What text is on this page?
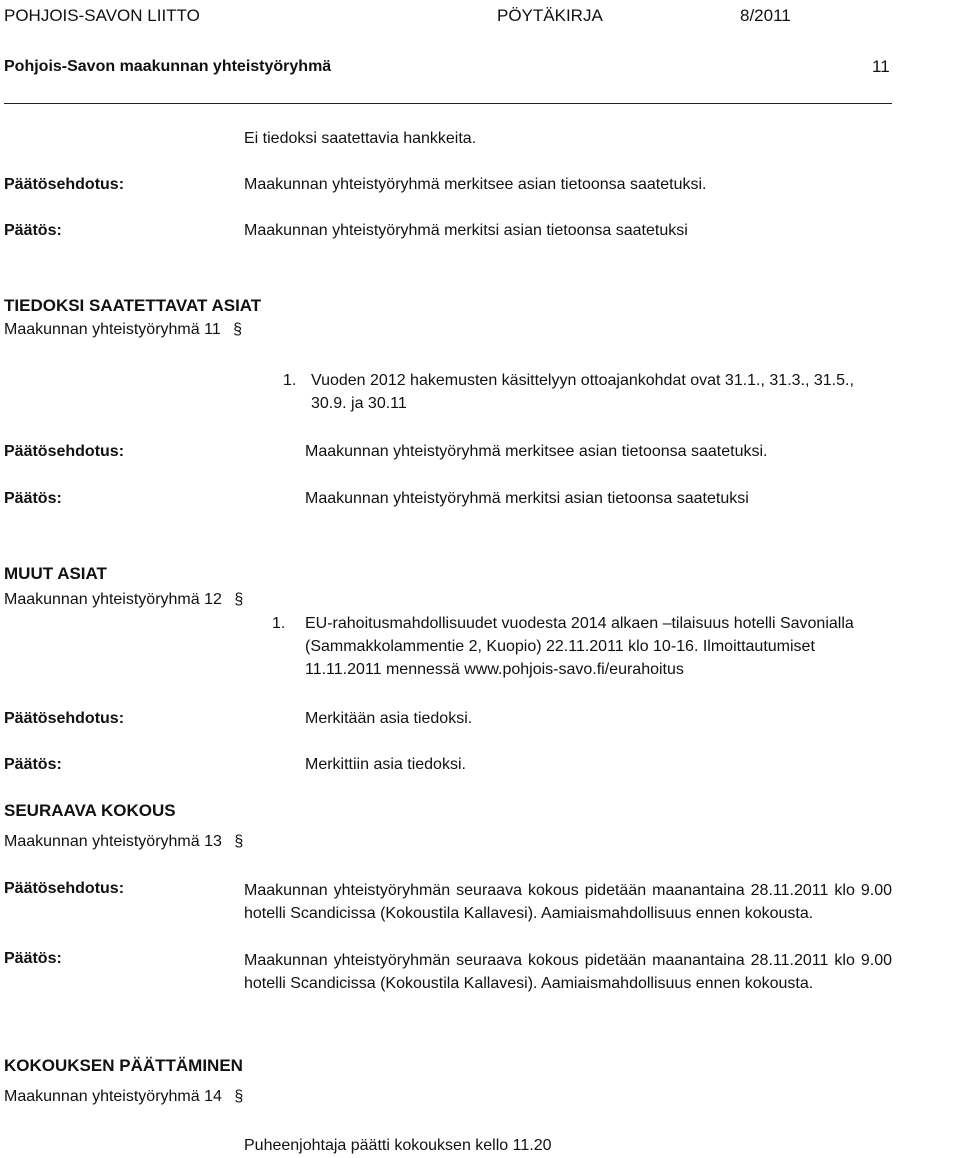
POHJOIS-SAVON LIITTO	PÖYTÄKIRJA	8/2011
Pohjois-Savon maakunnan yhteistyöryhmä	11
Ei tiedoksi saatettavia hankkeita.
Päätösehdotus:	Maakunnan yhteistyöryhmä merkitsee asian tietoonsa saatetuksi.
Päätös:	Maakunnan yhteistyöryhmä merkitsi asian tietoonsa saatetuksi
TIEDOKSI SAATETTAVAT ASIAT
Maakunnan yhteistyöryhmä 11 §
1. Vuoden 2012 hakemusten käsittelyyn ottoajankohdat ovat 31.1., 31.3., 31.5.,
30.9. ja 30.11
Päätösehdotus:	Maakunnan yhteistyöryhmä merkitsee asian tietoonsa saatetuksi.
Päätös:	Maakunnan yhteistyöryhmä merkitsi asian tietoonsa saatetuksi
MUUT ASIAT
Maakunnan yhteistyöryhmä 12 §
1. EU-rahoitusmahdollisuudet vuodesta 2014 alkaen –tilaisuus hotelli Savonialla
(Sammakkolammentie 2, Kuopio) 22.11.2011 klo 10-16. Ilmoittautumiset
11.11.2011 mennessä www.pohjois-savo.fi/eurahoitus
Päätösehdotus:	Merkitään asia tiedoksi.
Päätös:	Merkittiin asia tiedoksi.
SEURAAVA KOKOUS
Maakunnan yhteistyöryhmä 13 §
Päätösehdotus:	Maakunnan yhteistyöryhmän seuraava kokous pidetään maanantaina 28.11.2011 klo 9.00 hotelli Scandicissa (Kokoustila Kallavesi). Aamiaismahdollisuus ennen kokousta.
Päätös:	Maakunnan yhteistyöryhmän seuraava kokous pidetään maanantaina 28.11.2011 klo 9.00 hotelli Scandicissa (Kokoustila Kallavesi). Aamiaismahdollisuus ennen kokousta.
KOKOUKSEN PÄÄTTÄMINEN
Maakunnan yhteistyöryhmä 14 §
Puheenjohtaja päätti kokouksen kello 11.20
